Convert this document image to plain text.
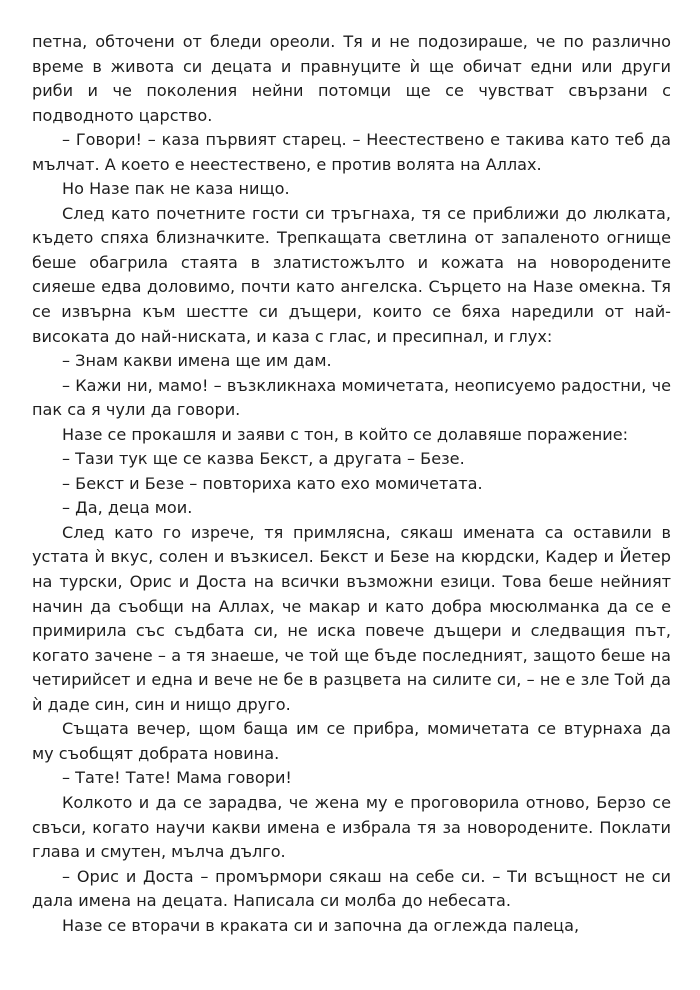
петна, обточени от бледи ореоли. Тя и не подозираше, че по различно време в живота си децата и правнуците ѝ ще обичат едни или други риби и че поколения нейни потомци ще се чувстват свързани с подводното царство.

– Говори! – каза първият старец. – Неестествено е такива като теб да мълчат. А което е неестествено, е против волята на Аллах.

Но Назе пак не каза нищо.

След като почетните гости си тръгнаха, тя се приближи до люлката, където спяха близначките. Трепкащата светлина от запаленото огнище беше обагрила стаята в златистожълто и кожата на новородените сияеше едва доловимо, почти като ангелска. Сърцето на Назе омекна. Тя се извърна към шестте си дъщери, които се бяха наредили от най-високата до най-ниската, и каза с глас, и пресипнал, и глух:

– Знам какви имена ще им дам.

– Кажи ни, мамо! – възкликнаха момичетата, неописуемо радостни, че пак са я чули да говори.

Назе се прокашля и заяви с тон, в който се долавяше поражение:

– Тази тук ще се казва Бекст, а другата – Безе.

– Бекст и Безе – повториха като ехо момичетата.

– Да, деца мои.

След като го изрече, тя примлясна, сякаш имената са оставили в устата ѝ вкус, солен и възкисел. Бекст и Безе на кюрдски, Кадер и Йетер на турски, Орис и Доста на всички възможни езици. Това беше нейният начин да съобщи на Аллах, че макар и като добра мюсюлманка да се е примирила със съдбата си, не иска повече дъщери и следващия път, когато зачене – а тя знаеше, че той ще бъде последният, защото беше на четирийсет и една и вече не бе в разцвета на силите си, – не е зле Той да ѝ даде син, син и нищо друго.

Същата вечер, щом баща им се прибра, момичетата се втурнаха да му съобщят добрата новина.

– Тате! Тате! Мама говори!

Колкото и да се зарадва, че жена му е проговорила отново, Берзо се свъси, когато научи какви имена е избрала тя за новородените. Поклати глава и смутен, мълча дълго.

– Орис и Доста – промърмори сякаш на себе си. – Ти всъщност не си дала имена на децата. Написала си молба до небесата.

Назе се вторачи в краката си и започна да оглежда палеца,
